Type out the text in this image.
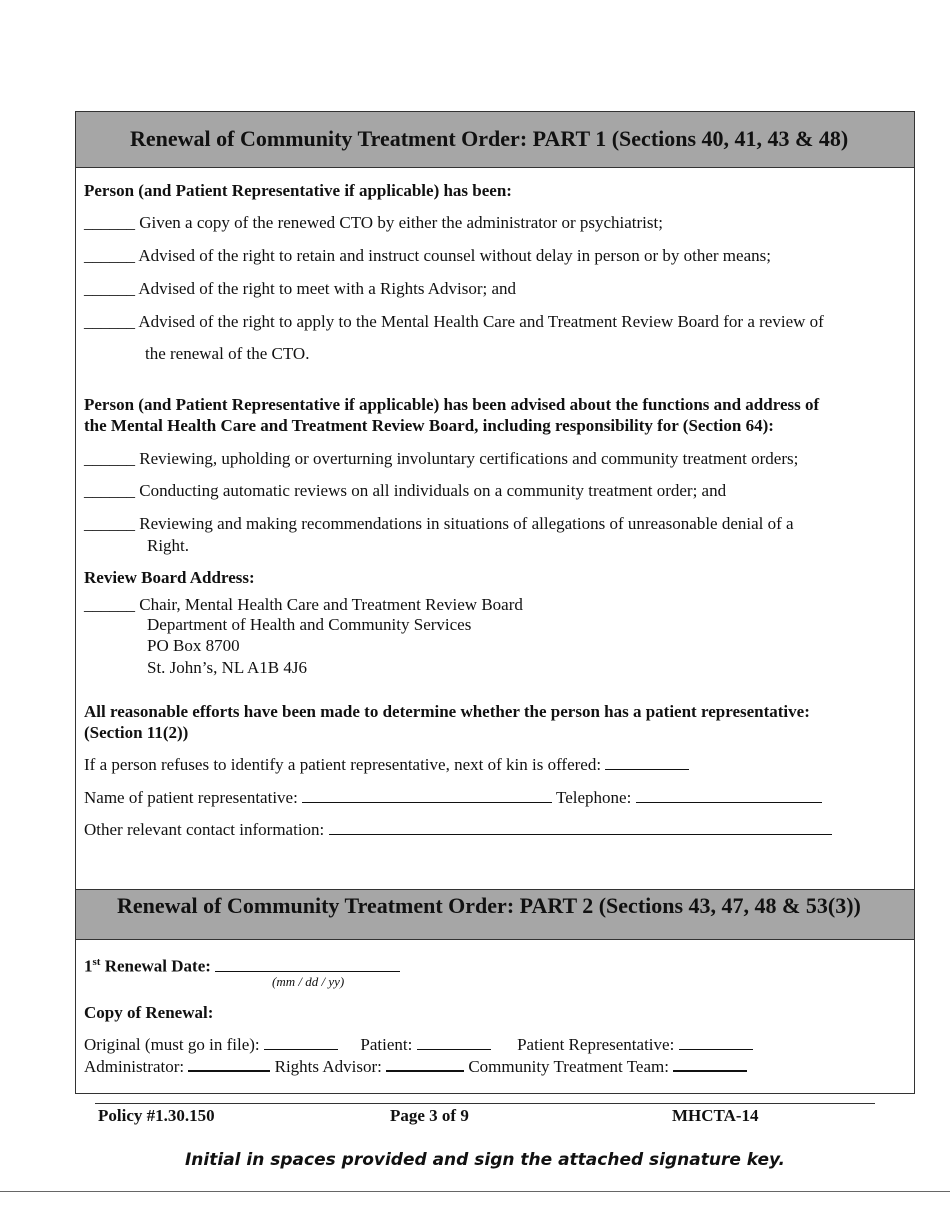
Renewal of Community Treatment Order: PART 1 (Sections 40, 41, 43 & 48)
Renewal of Community Treatment Order: PART 2 (Sections 43, 47, 48 & 53(3))
Person (and Patient Representative if applicable) has been:
______ Given a copy of the renewed CTO by either the administrator or psychiatrist;
______ Advised of the right to retain and instruct counsel without delay in person or by other means;
______ Advised of the right to meet with a Rights Advisor; and
______ Advised of the right to apply to the Mental Health Care and Treatment Review Board for a review of
the renewal of the CTO.
Person (and Patient Representative if applicable) has been advised about the functions and address of
the Mental Health Care and Treatment Review Board, including responsibility for (Section 64):
______ Reviewing, upholding or overturning involuntary certifications and community treatment orders;
______ Conducting automatic reviews on all individuals on a community treatment order; and
______ Reviewing and making recommendations in situations of allegations of unreasonable denial of a
Right.
Review Board Address:
______ Chair, Mental Health Care and Treatment Review Board
Department of Health and Community Services
PO Box 8700
St. John’s, NL A1B 4J6
All reasonable efforts have been made to determine whether the person has a patient representative:
(Section 11(2))
If a person refuses to identify a patient representative, next of kin is offered:
Name of patient representative:	Telephone:
Other relevant contact information:
1st Renewal Date:
(mm / dd / yy)
Copy of Renewal:
Original (must go in file):	Patient:	Patient Representative:
Administrator:	Rights Advisor:	Community Treatment Team:
Policy #1.30.150	Page 3 of 9	MHCTA-14
Initial in spaces provided and sign the attached signature key.
